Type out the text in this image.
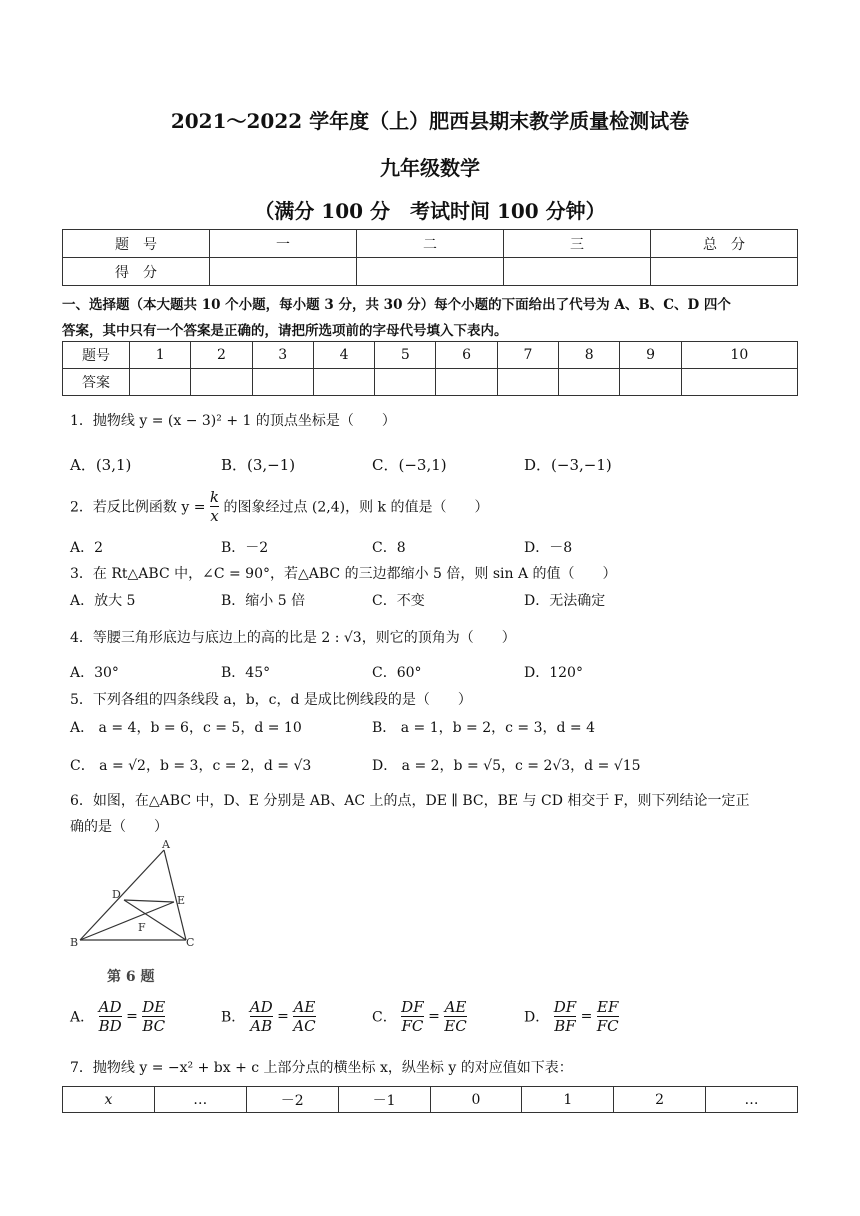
2021～2022 学年度（上）肥西县期末教学质量检测试卷
九年级数学
（满分 100 分　考试时间 100 分钟）
题　号	一	二	三	总　分
得　分				
一、选择题（本大题共 10 个小题，每小题 3 分，共 30 分）每个小题的下面给出了代号为 A、B、C、D 四个
答案，其中只有一个答案是正确的，请把所选项前的字母代号填入下表内。
题号	1	2	3	4	5	6	7	8	9	10
答案										
1．抛物线 y = (x − 3)² + 1 的顶点坐标是（　　）
A．(3,1)	B．(3,−1)	C．(−3,1)	D．(−3,−1)
2．若反比例函数 $y = \frac{k}{x}$ 的图象经过点 (2,4)，则 k 的值是（　　）
A．2	B．－2	C．8	D．－8
3．在 Rt△ABC 中，∠C = 90°，若△ABC 的三边都缩小 5 倍，则 sin A 的值（　　）
A．放大 5	B．缩小 5 倍	C．不变	D．无法确定
4．等腰三角形底边与底边上的高的比是 2 : √3，则它的顶角为（　　）
A．30°	B．45°	C．60°	D．120°
5．下列各组的四条线段 a，b，c，d 是成比例线段的是（　　）
A． a = 4，b = 6，c = 5，d = 10	B． a = 1，b = 2，c = 3，d = 4
C． a = √2，b = 3，c = 2，d = √3	D． a = 2，b = √5，c = 2√3，d = √15
6．如图，在△ABC 中，D、E 分别是 AB、AC 上的点，DE ∥ BC，BE 与 CD 相交于 F，则下列结论一定正
确的是（　　）
A
D	E
F
B	C
第 6 题
A． $\frac{AD}{BD} = \frac{DE}{BC}$	B． $\frac{AD}{AB} = \frac{AE}{AC}$	C． $\frac{DF}{FC} = \frac{AE}{EC}$	D． $\frac{DF}{BF} = \frac{EF}{FC}$
7．抛物线 y = −x² + bx + c 上部分点的横坐标 x，纵坐标 y 的对应值如下表：
x	…	－2	－1	0	1	2	…
